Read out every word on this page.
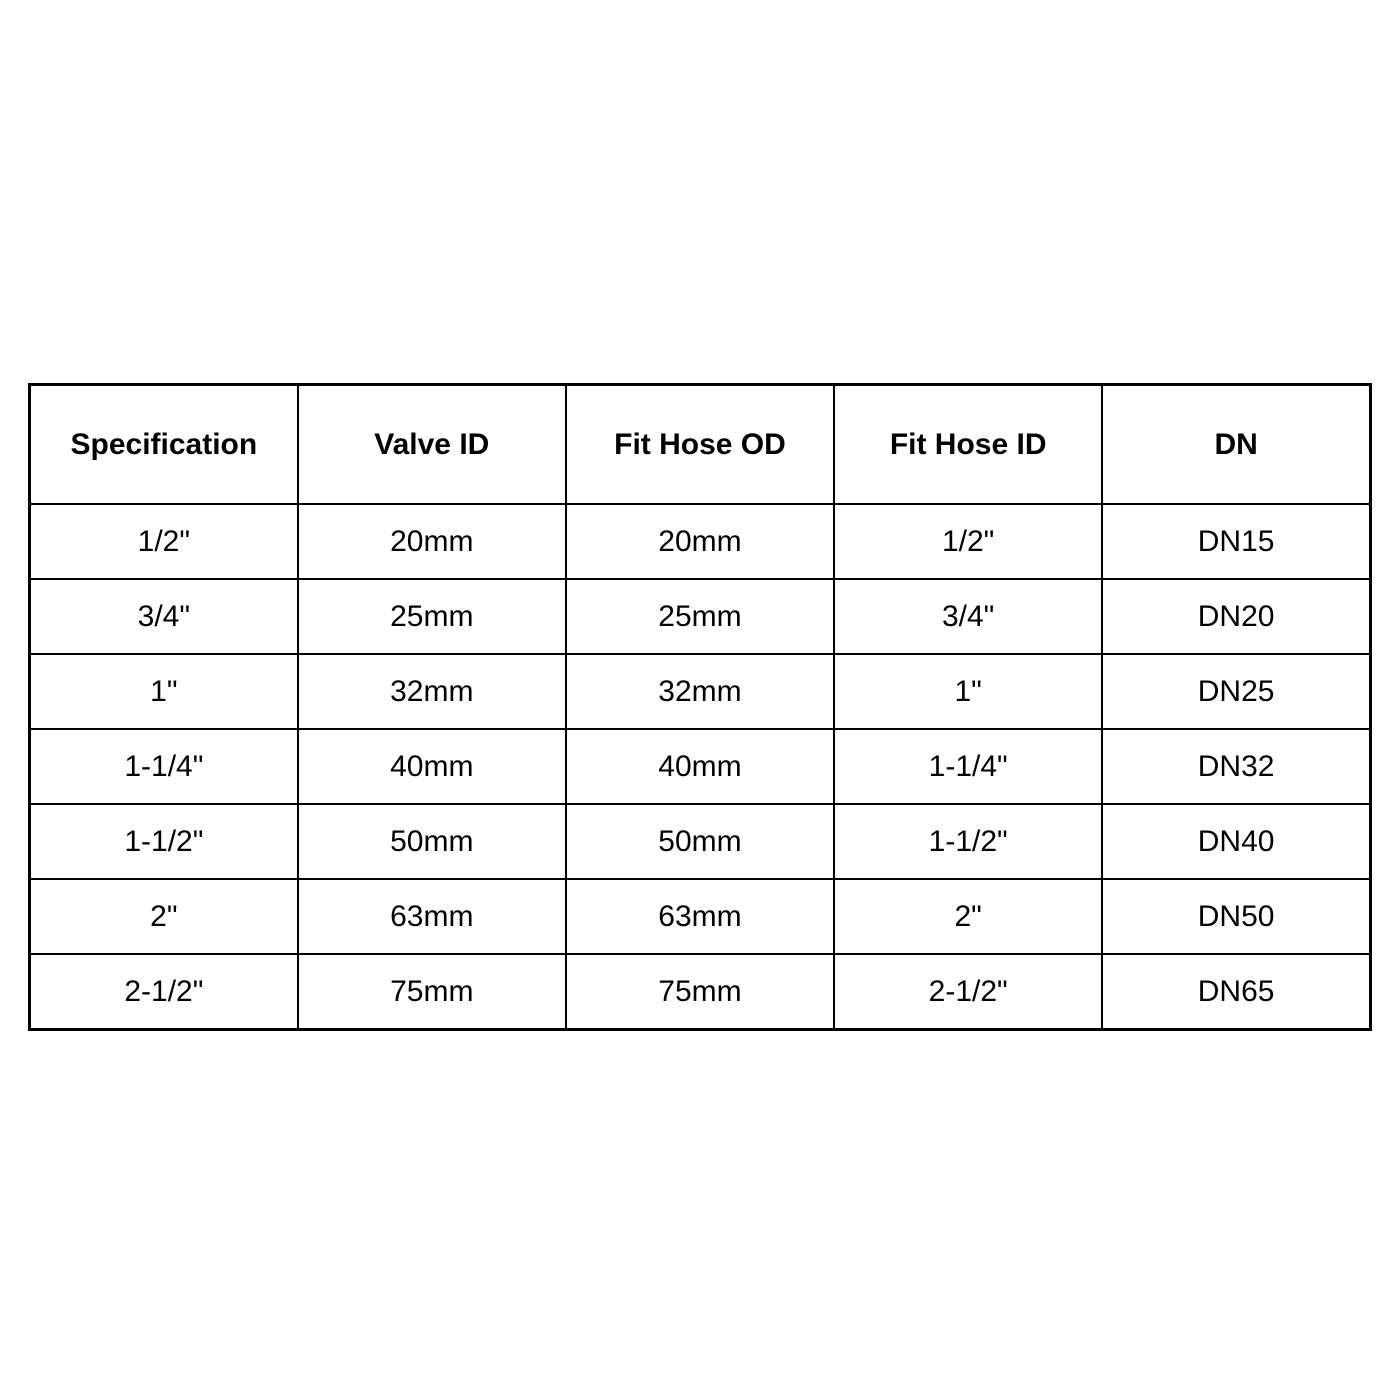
Specification	Valve ID	Fit Hose OD	Fit Hose ID	DN
1/2"	20mm	20mm	1/2"	DN15
3/4"	25mm	25mm	3/4"	DN20
1"	32mm	32mm	1"	DN25
1-1/4"	40mm	40mm	1-1/4"	DN32
1-1/2"	50mm	50mm	1-1/2"	DN40
2"	63mm	63mm	2"	DN50
2-1/2"	75mm	75mm	2-1/2"	DN65
